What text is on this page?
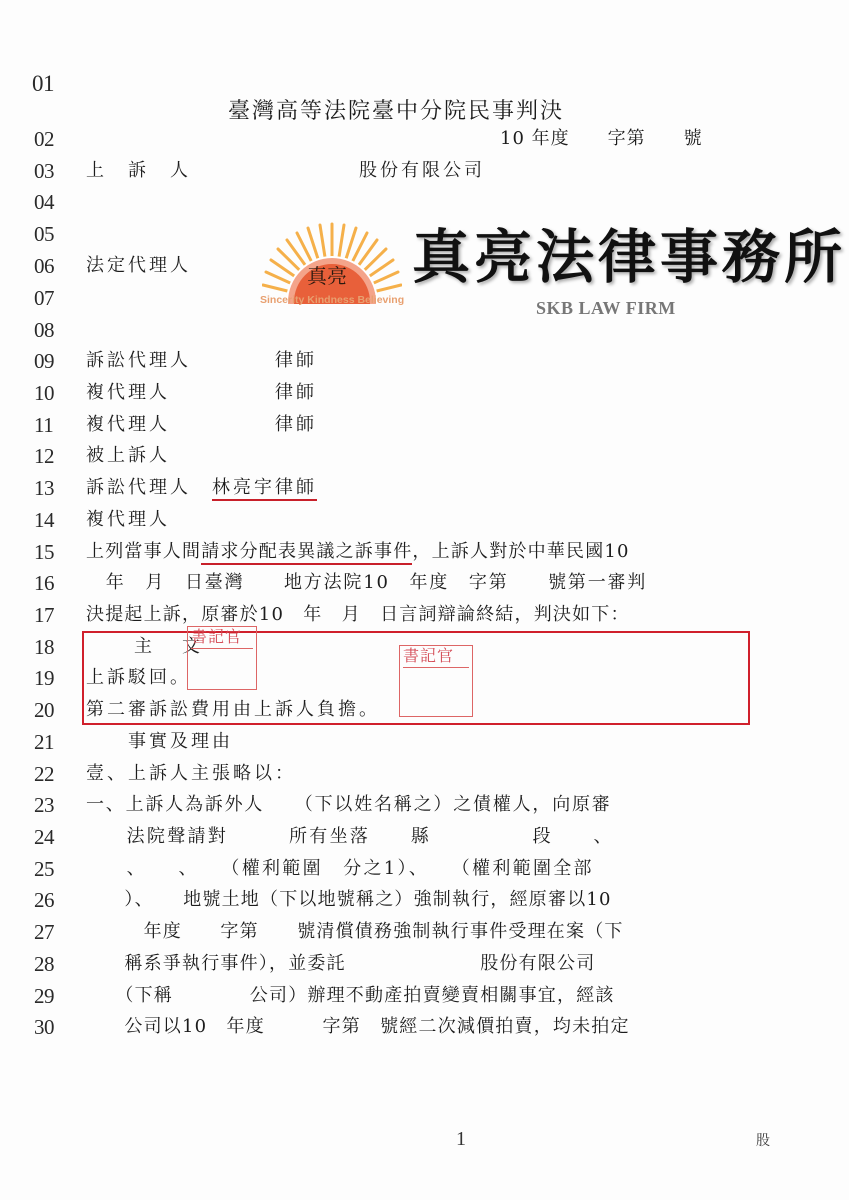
01
臺灣高等法院臺中分院民事判決
02	10 年度　　字第　　號
03 上　訴　人　　　　　　　　股份有限公司
04
05
06 法定代理人
07
08
真亮
Sincerity Kindness Believing
真亮法律事務所
SKB LAW FIRM
09 訴訟代理人　　　　律師
10 複代理人　　　　　律師
11 複代理人　　　　　律師
12 被上訴人
13 訴訟代理人　林亮宇律師
14 複代理人
15 上列當事人間請求分配表異議之訴事件，上訴人對於中華民國10
16 　年　月　日臺灣　　地方法院10　年度　字第　　號第一審判
17 決提起上訴，原審於10　年　月　日言詞辯論終結，判決如下：
18 　　主　文
19 上訴駁回。
20 第二審訴訟費用由上訴人負擔。
書記官
書記官
21 　　事實及理由
22 壹、上訴人主張略以：
23 一、上訴人為訴外人　　（下以姓名稱之）之債權人，向原審
24 　　法院聲請對　　　所有坐落　　縣　　　　　段　　、
25 　　、　　、　　（權利範圍　分之1）、　　（權利範圍全部
26 　　）、　　地號土地（下以地號稱之）強制執行，經原審以10
27 　　　年度　　字第　　號清償債務強制執行事件受理在案（下
28 　　稱系爭執行事件），並委託　　　　　　　股份有限公司
29 　　（下稱　　　　公司）辦理不動產拍賣變賣相關事宜，經該
30 　　公司以10　年度　　　字第　號經二次減價拍賣，均未拍定
1	股
